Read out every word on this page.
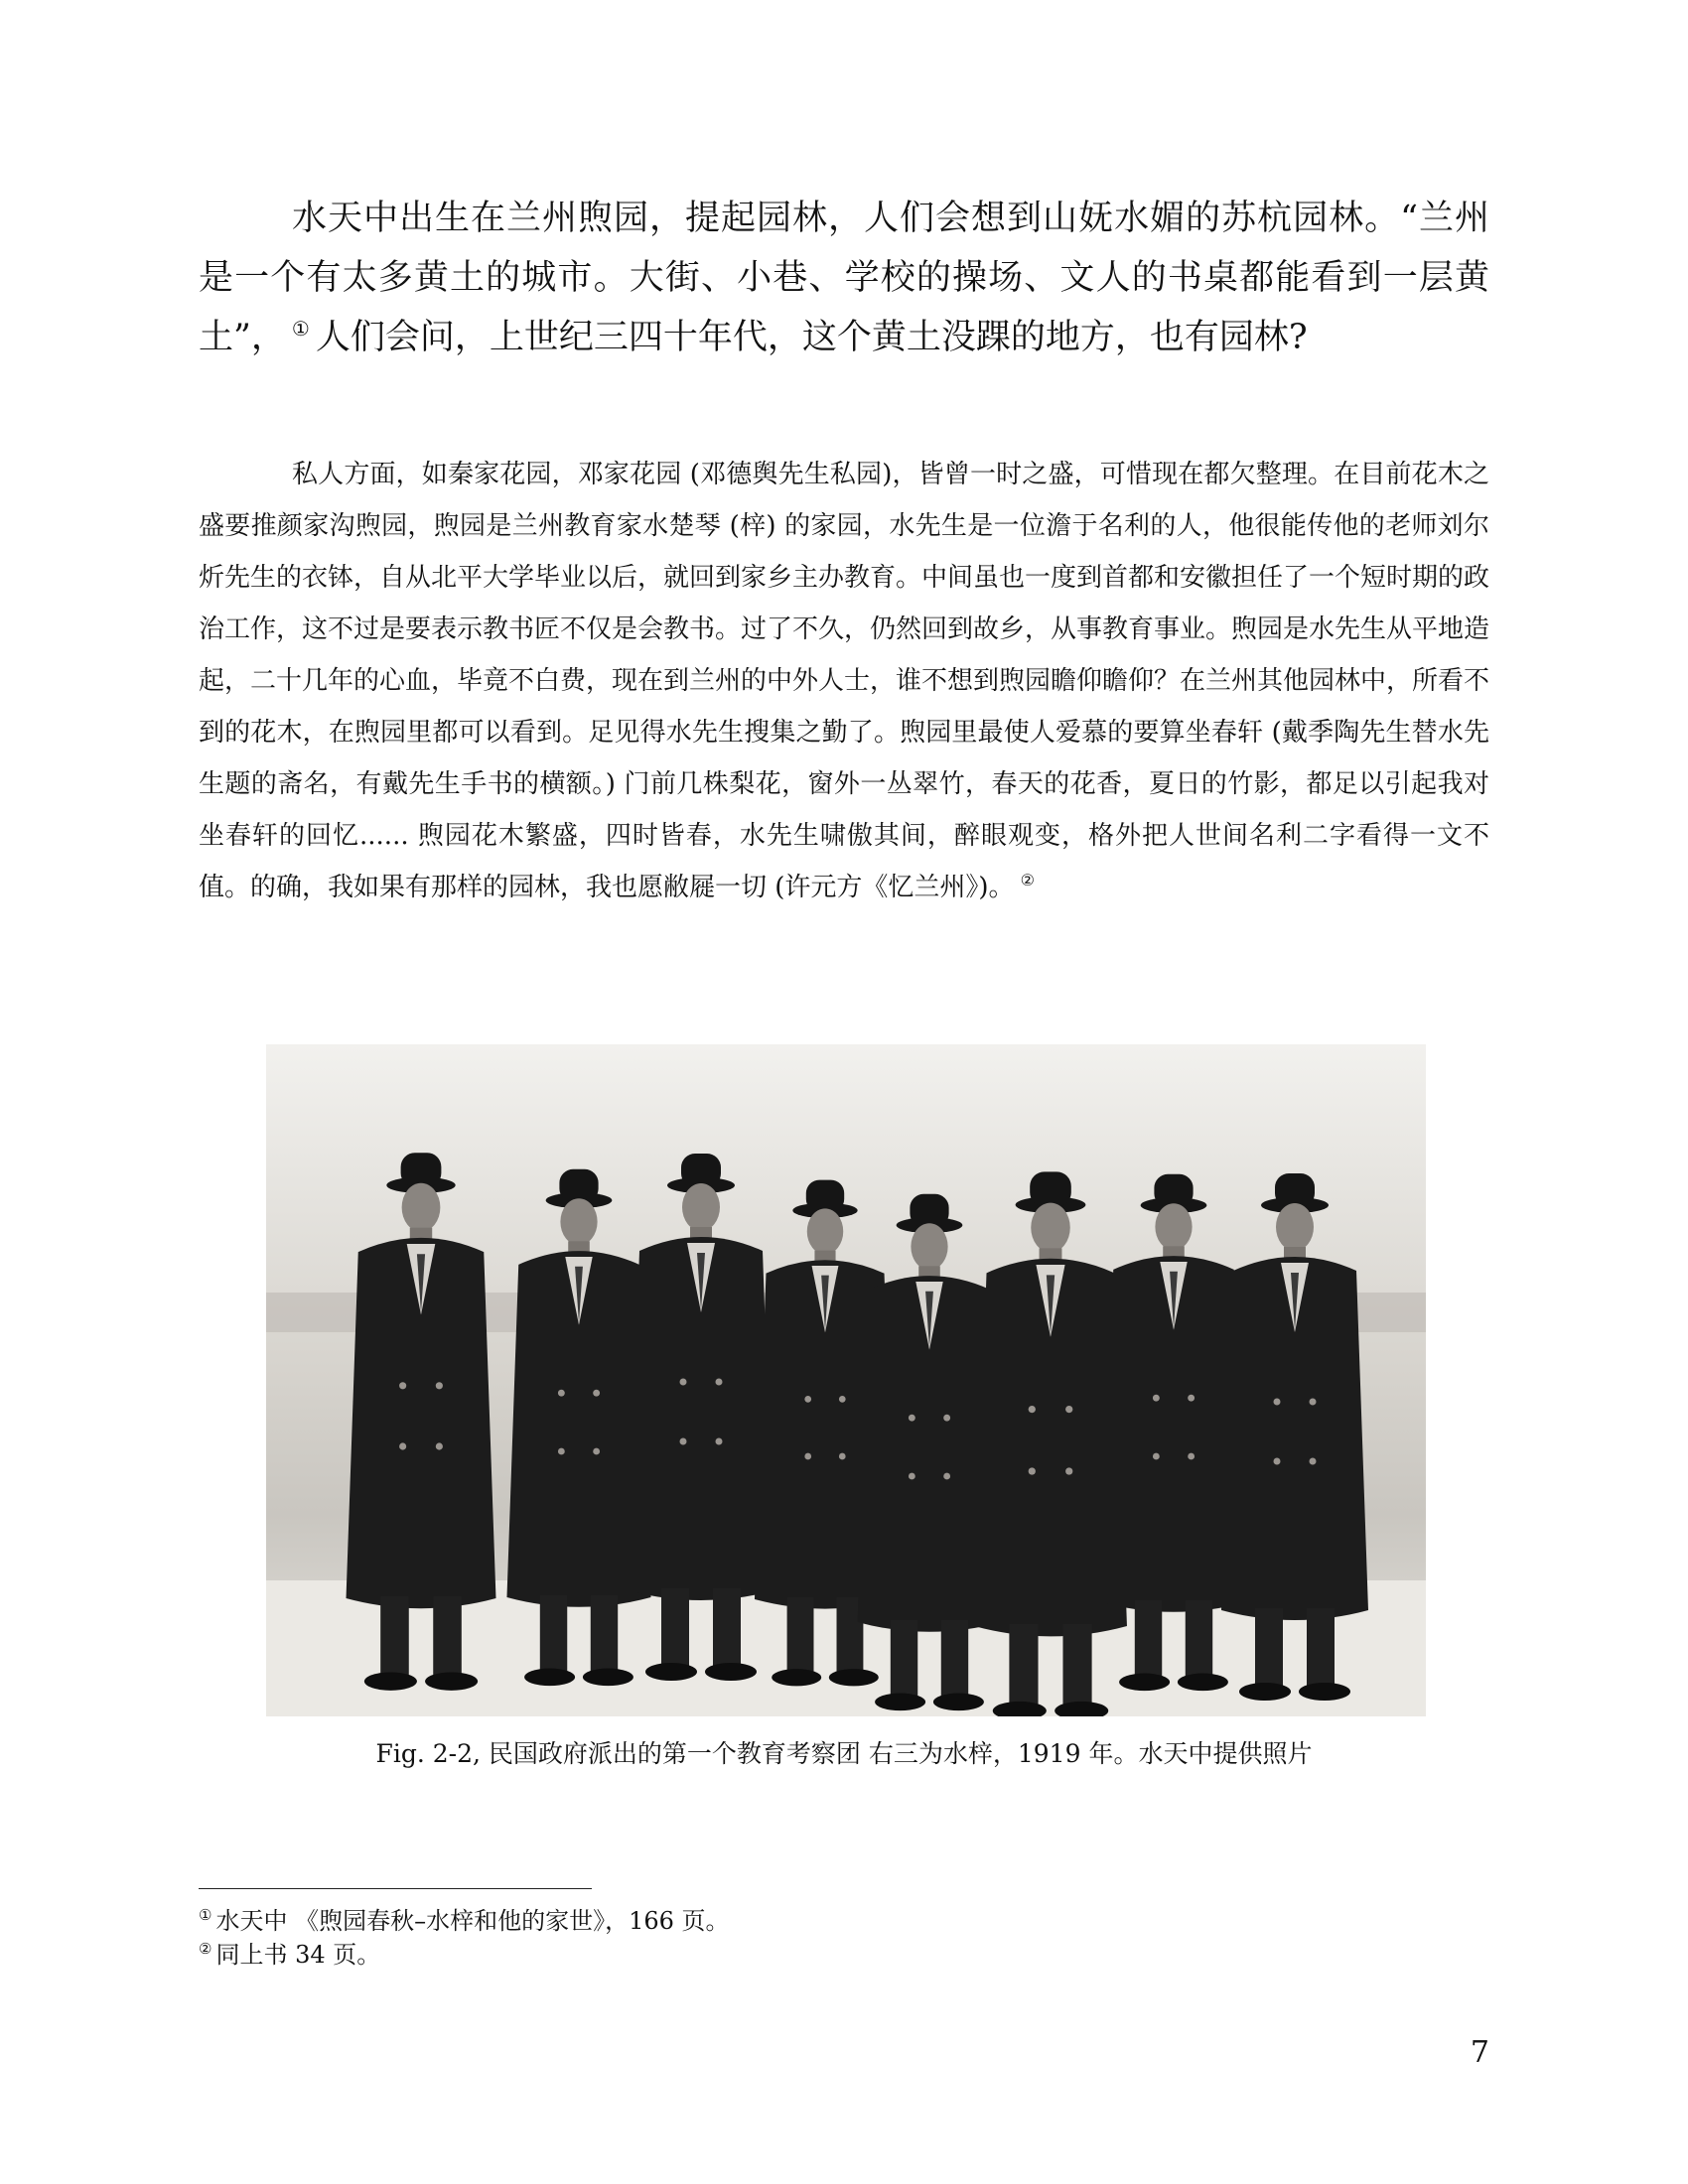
水天中出生在兰州煦园，提起园林，人们会想到山妩水媚的苏杭园林。“兰州是一个有太多黄土的城市。大街、小巷、学校的操场、文人的书桌都能看到一层黄土”， ① 人们会问，上世纪三四十年代，这个黄土没踝的地方，也有园林?

私人方面，如秦家花园，邓家花园 (邓德舆先生私园)，皆曾一时之盛，可惜现在都欠整理。在目前花木之盛要推颜家沟煦园，煦园是兰州教育家水楚琴 (梓) 的家园，水先生是一位澹于名利的人，他很能传他的老师刘尔炘先生的衣钵，自从北平大学毕业以后，就回到家乡主办教育。中间虽也一度到首都和安徽担任了一个短时期的政治工作，这不过是要表示教书匠不仅是会教书。过了不久，仍然回到故乡，从事教育事业。煦园是水先生从平地造起，二十几年的心血，毕竟不白费，现在到兰州的中外人士，谁不想到煦园瞻仰瞻仰？在兰州其他园林中，所看不到的花木，在煦园里都可以看到。足见得水先生搜集之勤了。煦园里最使人爱慕的要算坐春轩 (戴季陶先生替水先生题的斋名，有戴先生手书的横额。) 门前几株梨花，窗外一丛翠竹，春天的花香，夏日的竹影，都足以引起我对坐春轩的回忆...... 煦园花木繁盛，四时皆春，水先生啸傲其间，醉眼观变，格外把人世间名利二字看得一文不值。的确，我如果有那样的园林，我也愿敝屣一切 (许元方《忆兰州》)。 ②

Fig. 2-2, 民国政府派出的第一个教育考察团 右三为水梓，1919 年。水天中提供照片

① 水天中 《煦园春秋–水梓和他的家世》，166 页。
② 同上书 34 页。
7
